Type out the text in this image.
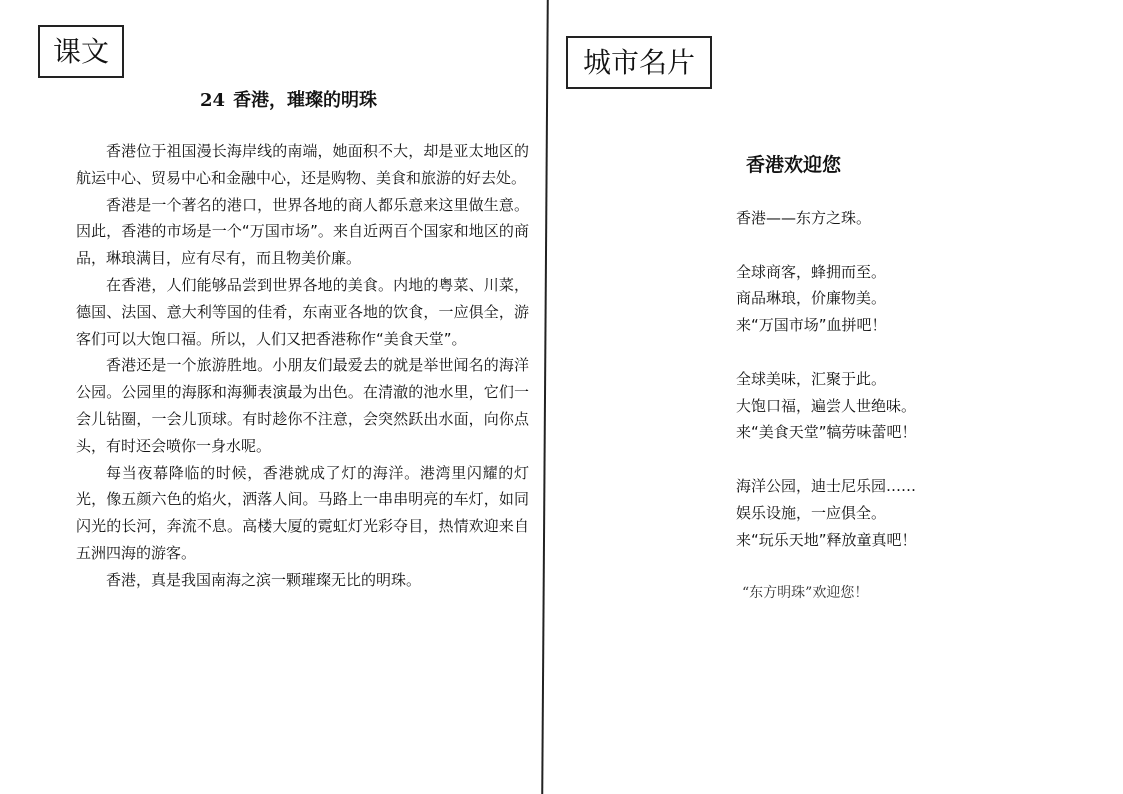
课文
24 香港，璀璨的明珠

香港位于祖国漫长海岸线的南端，她面积不大，却是亚太地区的航运中心、贸易中心和金融中心，还是购物、美食和旅游的好去处。

香港是一个著名的港口，世界各地的商人都乐意来这里做生意。因此，香港的市场是一个“万国市场”。来自近两百个国家和地区的商品，琳琅满目，应有尽有，而且物美价廉。

在香港，人们能够品尝到世界各地的美食。内地的粤菜、川菜，德国、法国、意大利等国的佳肴，东南亚各地的饮食，一应俱全，游客们可以大饱口福。所以，人们又把香港称作“美食天堂”。

香港还是一个旅游胜地。小朋友们最爱去的就是举世闻名的海洋公园。公园里的海豚和海狮表演最为出色。在清澈的池水里，它们一会儿钻圈，一会儿顶球。有时趁你不注意，会突然跃出水面，向你点头，有时还会喷你一身水呢。

每当夜幕降临的时候，香港就成了灯的海洋。港湾里闪耀的灯光，像五颜六色的焰火，洒落人间。马路上一串串明亮的车灯，如同闪光的长河，奔流不息。高楼大厦的霓虹灯光彩夺目，热情欢迎来自五洲四海的游客。

香港，真是我国南海之滨一颗璀璨无比的明珠。

城市名片
香港欢迎您
香港——东方之珠。
全球商客，蜂拥而至。
商品琳琅，价廉物美。
来“万国市场”血拼吧！
全球美味，汇聚于此。
大饱口福，遍尝人世绝味。
来“美食天堂”犒劳味蕾吧！
海洋公园，迪士尼乐园……
娱乐设施，一应俱全。
来“玩乐天地”释放童真吧！
“东方明珠”欢迎您！
